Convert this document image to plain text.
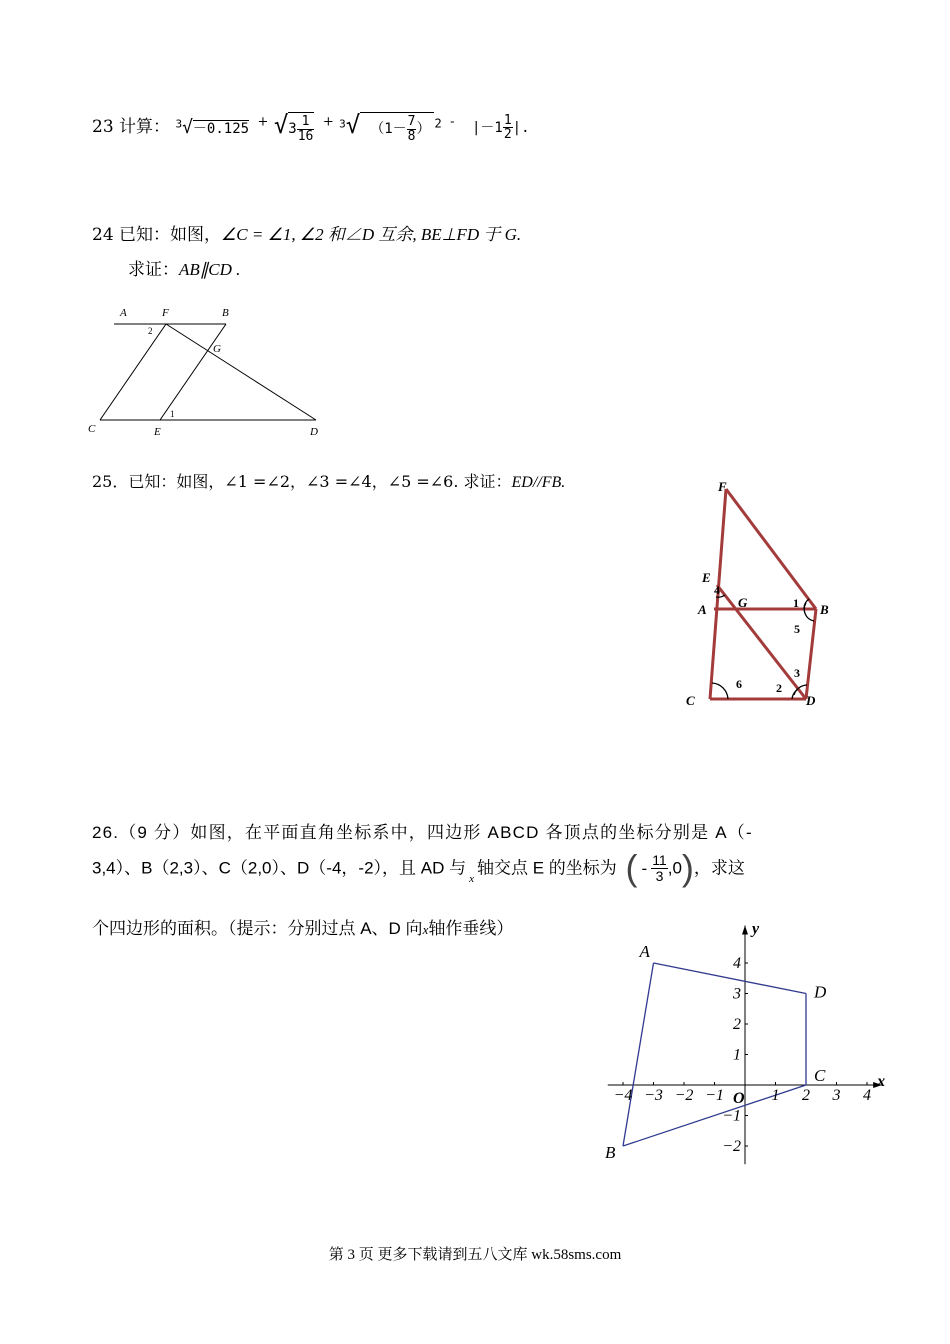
23 计算： $^3$√－0.125 + $√3 \frac{1}{16} ^+$ $^3$√ （$1- \frac{7}{8}$ ） $^2$ - $|-1 \frac{1}{2}$ |.
24 已知：如图，∠C = ∠1, ∠2 和∠D 互余, BE⊥FD 于 G.
求证：AB∥CD .
A	F	B
G
C	E	D
2
1
25．已知：如图，∠1 =∠2，∠3 =∠4，∠5 =∠6. 求证：ED//FB.	F
E
A G	B
C	D
4
1
5
3
6	2
26.（9 分）如图，在平面直角坐标系中，四边形 ABCD 各顶点的坐标分别是 A（-
3,4）、B（2,3）、C（2,0）、D（-4，-2），且 AD 与$_x$轴交点 E 的坐标为 ( - $\frac{11}{3} ,0$)，求这
个四边形的面积。（提示：分别过点 A、D 向x轴作垂线）
x
y
O
−4 −3 −2 −1	1 2 3 4
−2
−1
1
2
3
4
A
D
C
B
第 3 页 更多下载请到五八文库 wk.58sms.com
